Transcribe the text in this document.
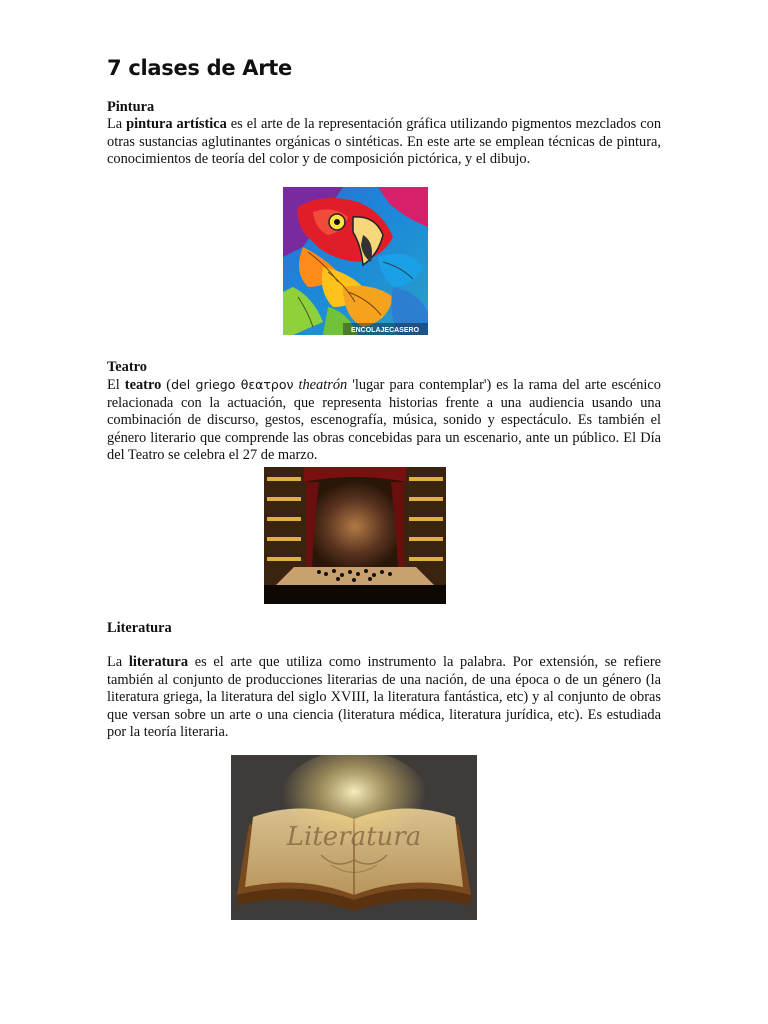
7 clases de Arte

Pintura

La pintura artística es el arte de la representación gráfica utilizando pigmentos mezclados con otras sustancias aglutinantes orgánicas o sintéticas. En este arte se emplean técnicas de pintura, conocimientos de teoría del color y de composición pictórica, y el dibujo.

ENCOLAJECASERO

Teatro

El teatro (del griego θεατρον theatrón 'lugar para contemplar') es la rama del arte escénico relacionada con la actuación, que representa historias frente a una audiencia usando una combinación de discurso, gestos, escenografía, música, sonido y espectáculo. Es también el género literario que comprende las obras concebidas para un escenario, ante un público. El Día del Teatro se celebra el 27 de marzo.

Literatura

La literatura es el arte que utiliza como instrumento la palabra. Por extensión, se refiere también al conjunto de producciones literarias de una nación, de una época o de un género (la literatura griega, la literatura del siglo XVIII, la literatura fantástica, etc) y al conjunto de obras que versan sobre un arte o una ciencia (literatura médica, literatura jurídica, etc). Es estudiada por la teoría literaria.

Literatura
